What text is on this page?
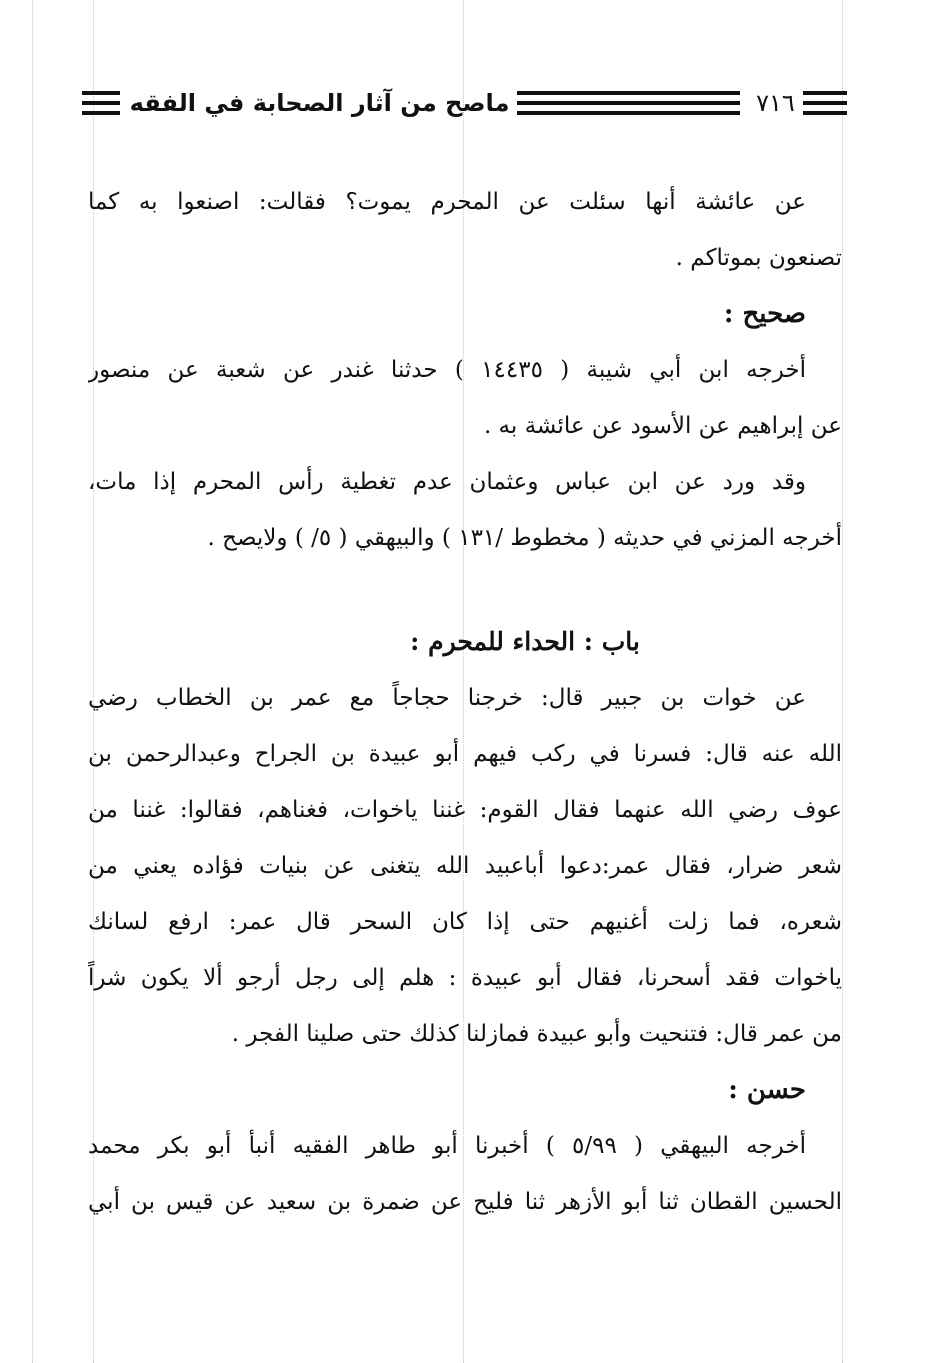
٧١٦
ماصح من آثار الصحابة في الفقه
عن عائشة أنها سئلت عن المحرم يموت؟ فقالت: اصنعوا به كما
تصنعون بموتاكم .
صحيح :
أخرجه ابن أبي شيبة ( ١٤٤٣٥ ) حدثنا غندر عن شعبة عن منصور
عن إبراهيم عن الأسود عن عائشة به .
وقد ورد عن ابن عباس وعثمان عدم تغطية رأس المحرم إذا مات،
أخرجه المزني في حديثه ( مخطوط /١٣١ ) والبيهقي ( ٥/ ) ولايصح .
باب : الحداء للمحرم :
عن خوات بن جبير قال: خرجنا حجاجاً مع عمر بن الخطاب رضي
الله عنه قال: فسرنا في ركب فيهم أبو عبيدة بن الجراح وعبدالرحمن بن
عوف رضي الله عنهما فقال القوم: غننا ياخوات، فغناهم، فقالوا: غننا من
شعر ضرار، فقال عمر:دعوا أباعبيد الله يتغنى عن بنيات فؤاده يعني من
شعره، فما زلت أغنيهم حتى إذا كان السحر قال عمر: ارفع لسانك
ياخوات فقد أسحرنا، فقال أبو عبيدة : هلم إلى رجل أرجو ألا يكون شراً
من عمر قال: فتنحيت وأبو عبيدة فمازلنا كذلك حتى صلينا الفجر .
حسن :
أخرجه البيهقي ( ٥/٩٩ ) أخبرنا أبو طاهر الفقيه أنبأ أبو بكر محمد
الحسين القطان ثنا أبو الأزهر ثنا فليح عن ضمرة بن سعيد عن قيس بن أبي
